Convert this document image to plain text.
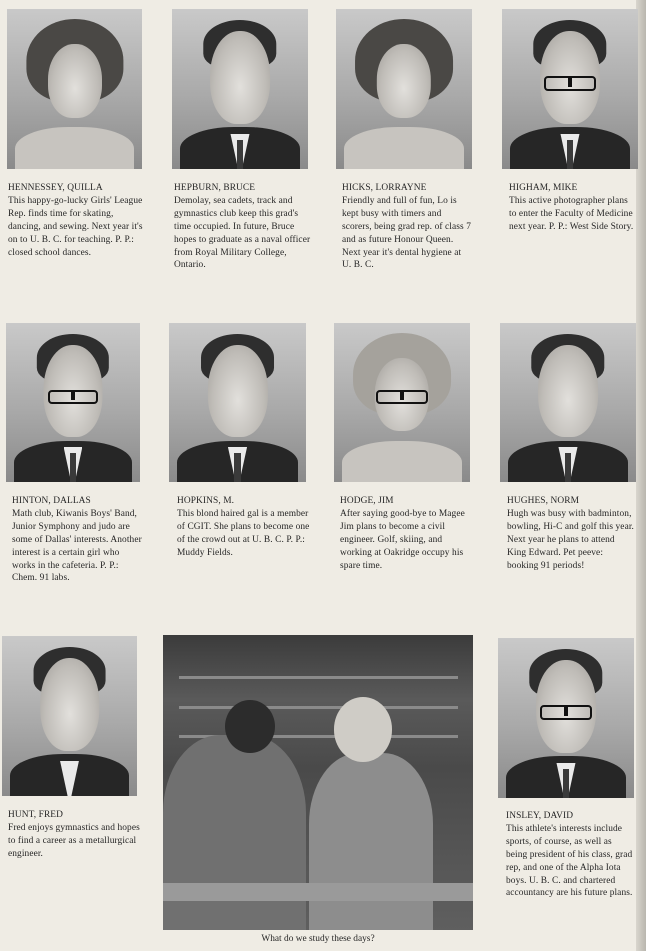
HENNESSEY, QUILLA
This happy-go-lucky Girls' League Rep. finds time for skating, dancing, and sewing. Next year it's on to U. B. C. for teaching. P. P.: closed school dances.
HEPBURN, BRUCE
Demolay, sea cadets, track and gymnastics club keep this grad's time occupied. In future, Bruce hopes to graduate as a naval officer from Royal Military College, Ontario.
HICKS, LORRAYNE
Friendly and full of fun, Lo is kept busy with timers and scorers, being grad rep. of class 7 and as future Honour Queen. Next year it's dental hygiene at U. B. C.
HIGHAM, MIKE
This active photographer plans to enter the Faculty of Medicine next year. P. P.: West Side Story.
HINTON, DALLAS
Math club, Kiwanis Boys' Band, Junior Symphony and judo are some of Dallas' interests. Another interest is a certain girl who works in the cafeteria. P. P.: Chem. 91 labs.
HOPKINS, M.
This blond haired gal is a member of CGIT. She plans to become one of the crowd out at U. B. C. P. P.: Muddy Fields.
HODGE, JIM
After saying good-bye to Magee Jim plans to become a civil engineer. Golf, skiing, and working at Oakridge occupy his spare time.
HUGHES, NORM
Hugh was busy with badminton, bowling, Hi-C and golf this year. Next year he plans to attend King Edward. Pet peeve: booking 91 periods!
HUNT, FRED
Fred enjoys gymnastics and hopes to find a career as a metallurgical engineer.
INSLEY, DAVID
This athlete's interests include sports, of course, as well as being president of his class, grad rep, and one of the Alpha Iota boys. U. B. C. and chartered accountancy are his future plans.
What do we study these days?
